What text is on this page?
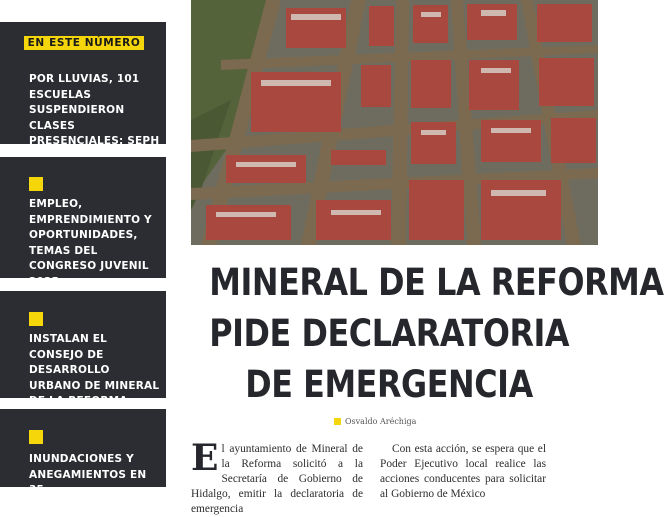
EN ESTE NÚMERO
POR LLUVIAS, 101 ESCUELAS SUSPENDIERON CLASES PRESENCIALES: SEPH
EMPLEO, EMPRENDIMIENTO Y OPORTUNIDADES, TEMAS DEL CONGRESO JUVENIL 2025
INSTALAN EL CONSEJO DE DESARROLLO URBANO DE MINERAL DE LA REFORMA
INUNDACIONES Y ANEGAMIENTOS EN 35
MINERAL DE LA REFORMA
PIDE DECLARATORIA
DE EMERGENCIA
Osvaldo Aréchiga
El ayuntamiento de Mineral de la Reforma solicitó a la Secretaría de Gobierno de Hidalgo, emitir la declaratoria de emergencia
Con esta acción, se espera que el Poder Ejecutivo local realice las acciones conducentes para solicitar al Gobierno de México
